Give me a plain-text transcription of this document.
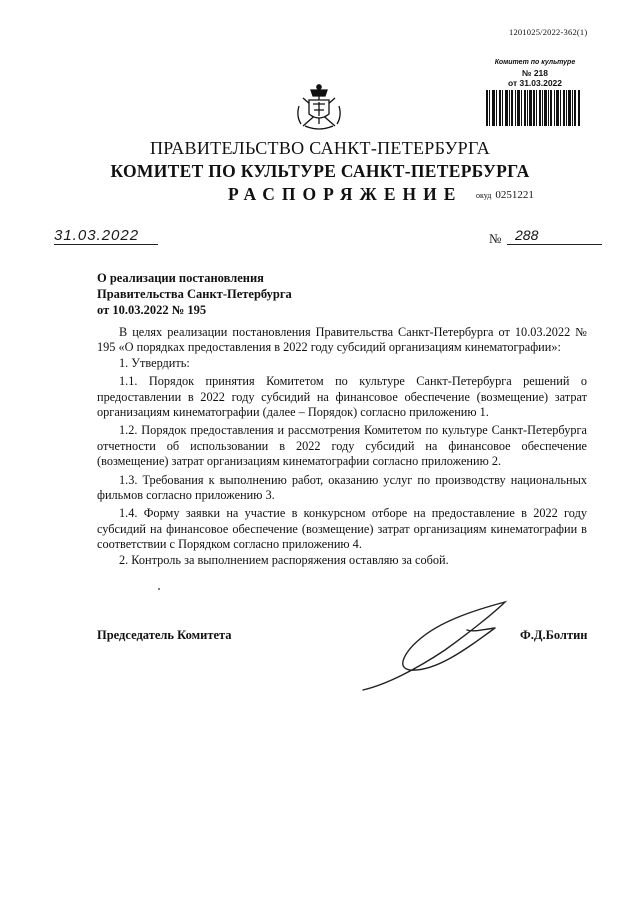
1201025/2022-362(1)
Комитет по культуре
№ 218
от 31.03.2022
ПРАВИТЕЛЬСТВО САНКТ-ПЕТЕРБУРГА
КОМИТЕТ ПО КУЛЬТУРЕ САНКТ-ПЕТЕРБУРГА
РАСПОРЯЖЕНИЕ окуд 0251221
31.03.2022	№ 288
О реализации постановления
Правительства Санкт-Петербурга
от 10.03.2022 № 195

В целях реализации постановления Правительства Санкт-Петербурга от 10.03.2022 № 195 «О порядках предоставления в 2022 году субсидий организациям кинематографии»:

1. Утвердить:

1.1. Порядок принятия Комитетом по культуре Санкт-Петербурга решений о предоставлении в 2022 году субсидий на финансовое обеспечение (возмещение) затрат организациям кинематографии (далее – Порядок) согласно приложению 1.

1.2. Порядок предоставления и рассмотрения Комитетом по культуре Санкт-Петербурга отчетности об использовании в 2022 году субсидий на финансовое обеспечение (возмещение) затрат организациям кинематографии согласно приложению 2.

1.3. Требования к выполнению работ, оказанию услуг по производству национальных фильмов согласно приложению 3.

1.4. Форму заявки на участие в конкурсном отборе на предоставление в 2022 году субсидий на финансовое обеспечение (возмещение) затрат организациям кинематографии в соответствии с Порядком согласно приложению 4.

2. Контроль за выполнением распоряжения оставляю за собой.

Председатель Комитета	Ф.Д.Болтин
